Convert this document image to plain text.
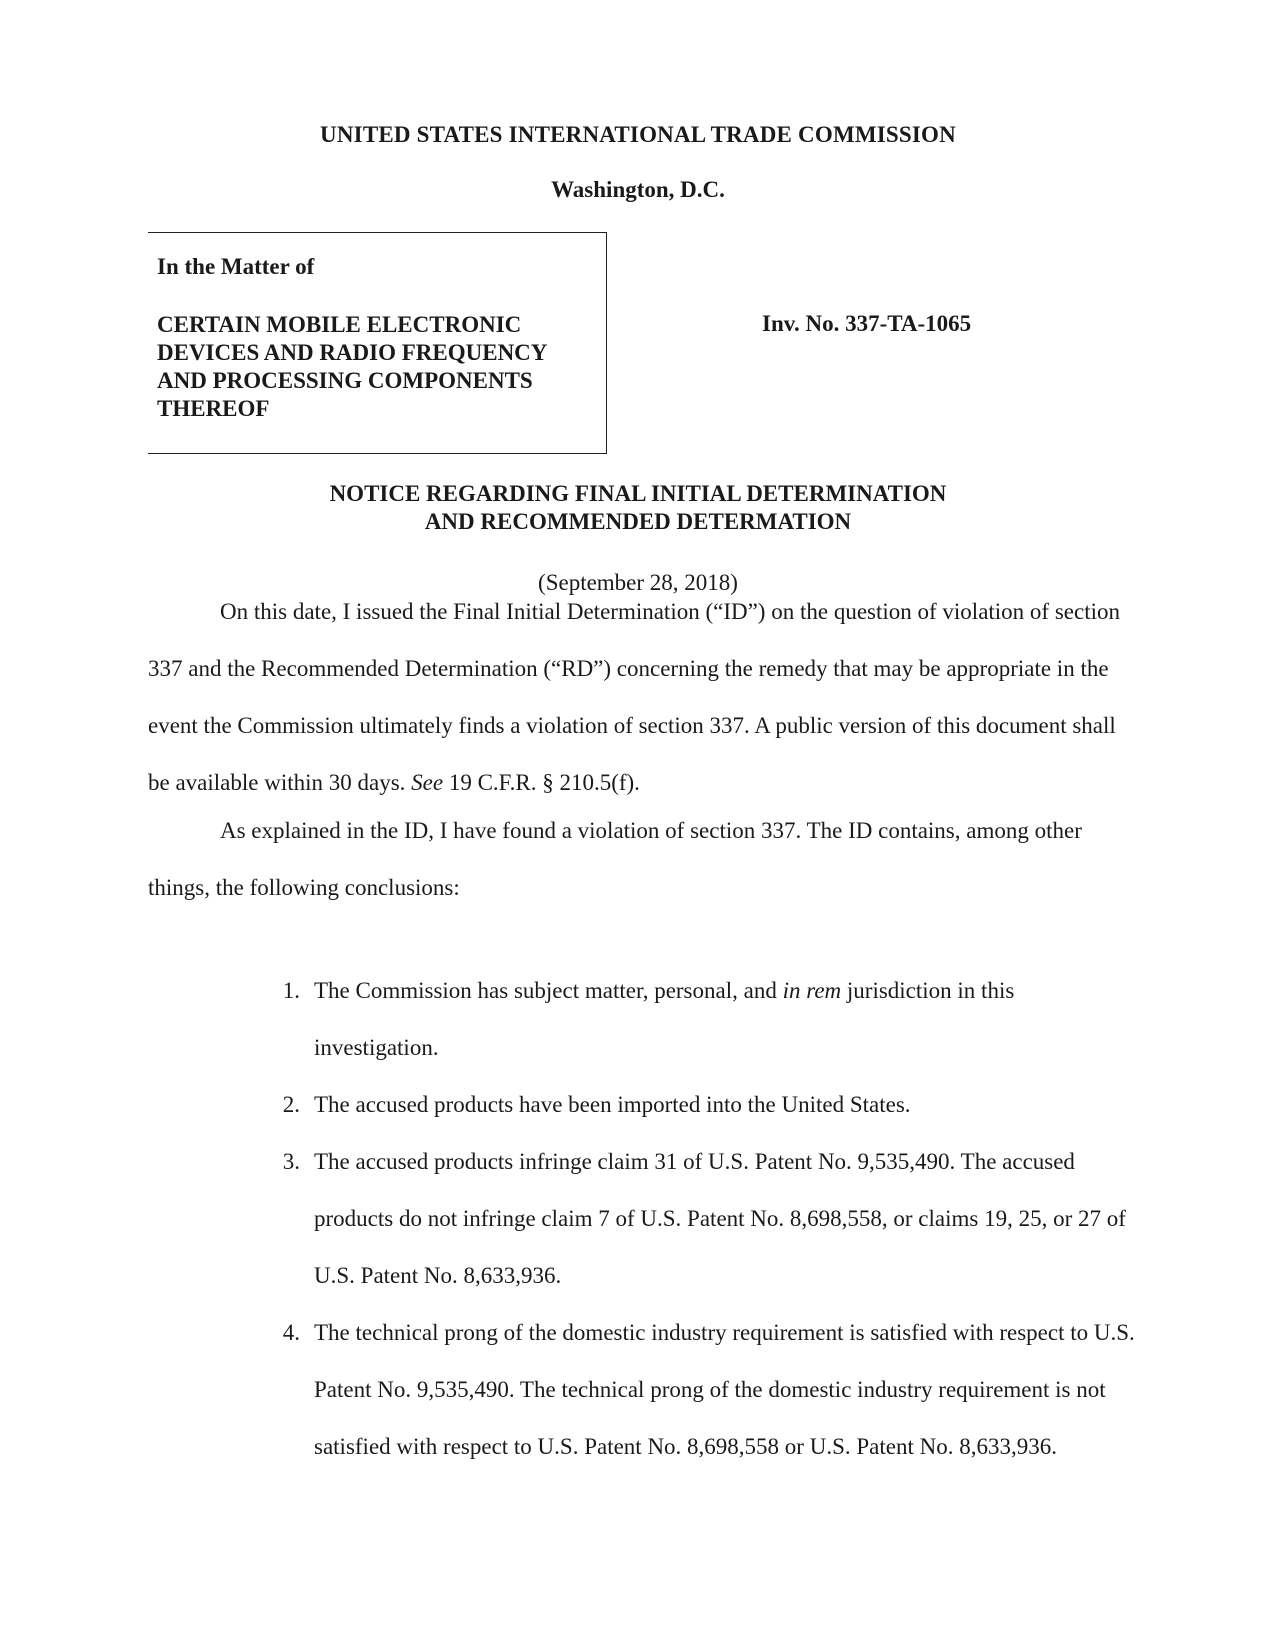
UNITED STATES INTERNATIONAL TRADE COMMISSION
Washington, D.C.
In the Matter of
CERTAIN MOBILE ELECTRONIC DEVICES AND RADIO FREQUENCY AND PROCESSING COMPONENTS THEREOF
Inv. No. 337-TA-1065
NOTICE REGARDING FINAL INITIAL DETERMINATION
AND RECOMMENDED DETERMATION
(September 28, 2018)

On this date, I issued the Final Initial Determination (“ID”) on the question of violation of section 337 and the Recommended Determination (“RD”) concerning the remedy that may be appropriate in the event the Commission ultimately finds a violation of section 337. A public version of this document shall be available within 30 days. See 19 C.F.R. § 210.5(f).

As explained in the ID, I have found a violation of section 337. The ID contains, among other things, the following conclusions:

1. The Commission has subject matter, personal, and in rem jurisdiction in this investigation.
2. The accused products have been imported into the United States.
3. The accused products infringe claim 31 of U.S. Patent No. 9,535,490. The accused products do not infringe claim 7 of U.S. Patent No. 8,698,558, or claims 19, 25, or 27 of U.S. Patent No. 8,633,936.
4. The technical prong of the domestic industry requirement is satisfied with respect to U.S. Patent No. 9,535,490. The technical prong of the domestic industry requirement is not satisfied with respect to U.S. Patent No. 8,698,558 or U.S. Patent No. 8,633,936.
